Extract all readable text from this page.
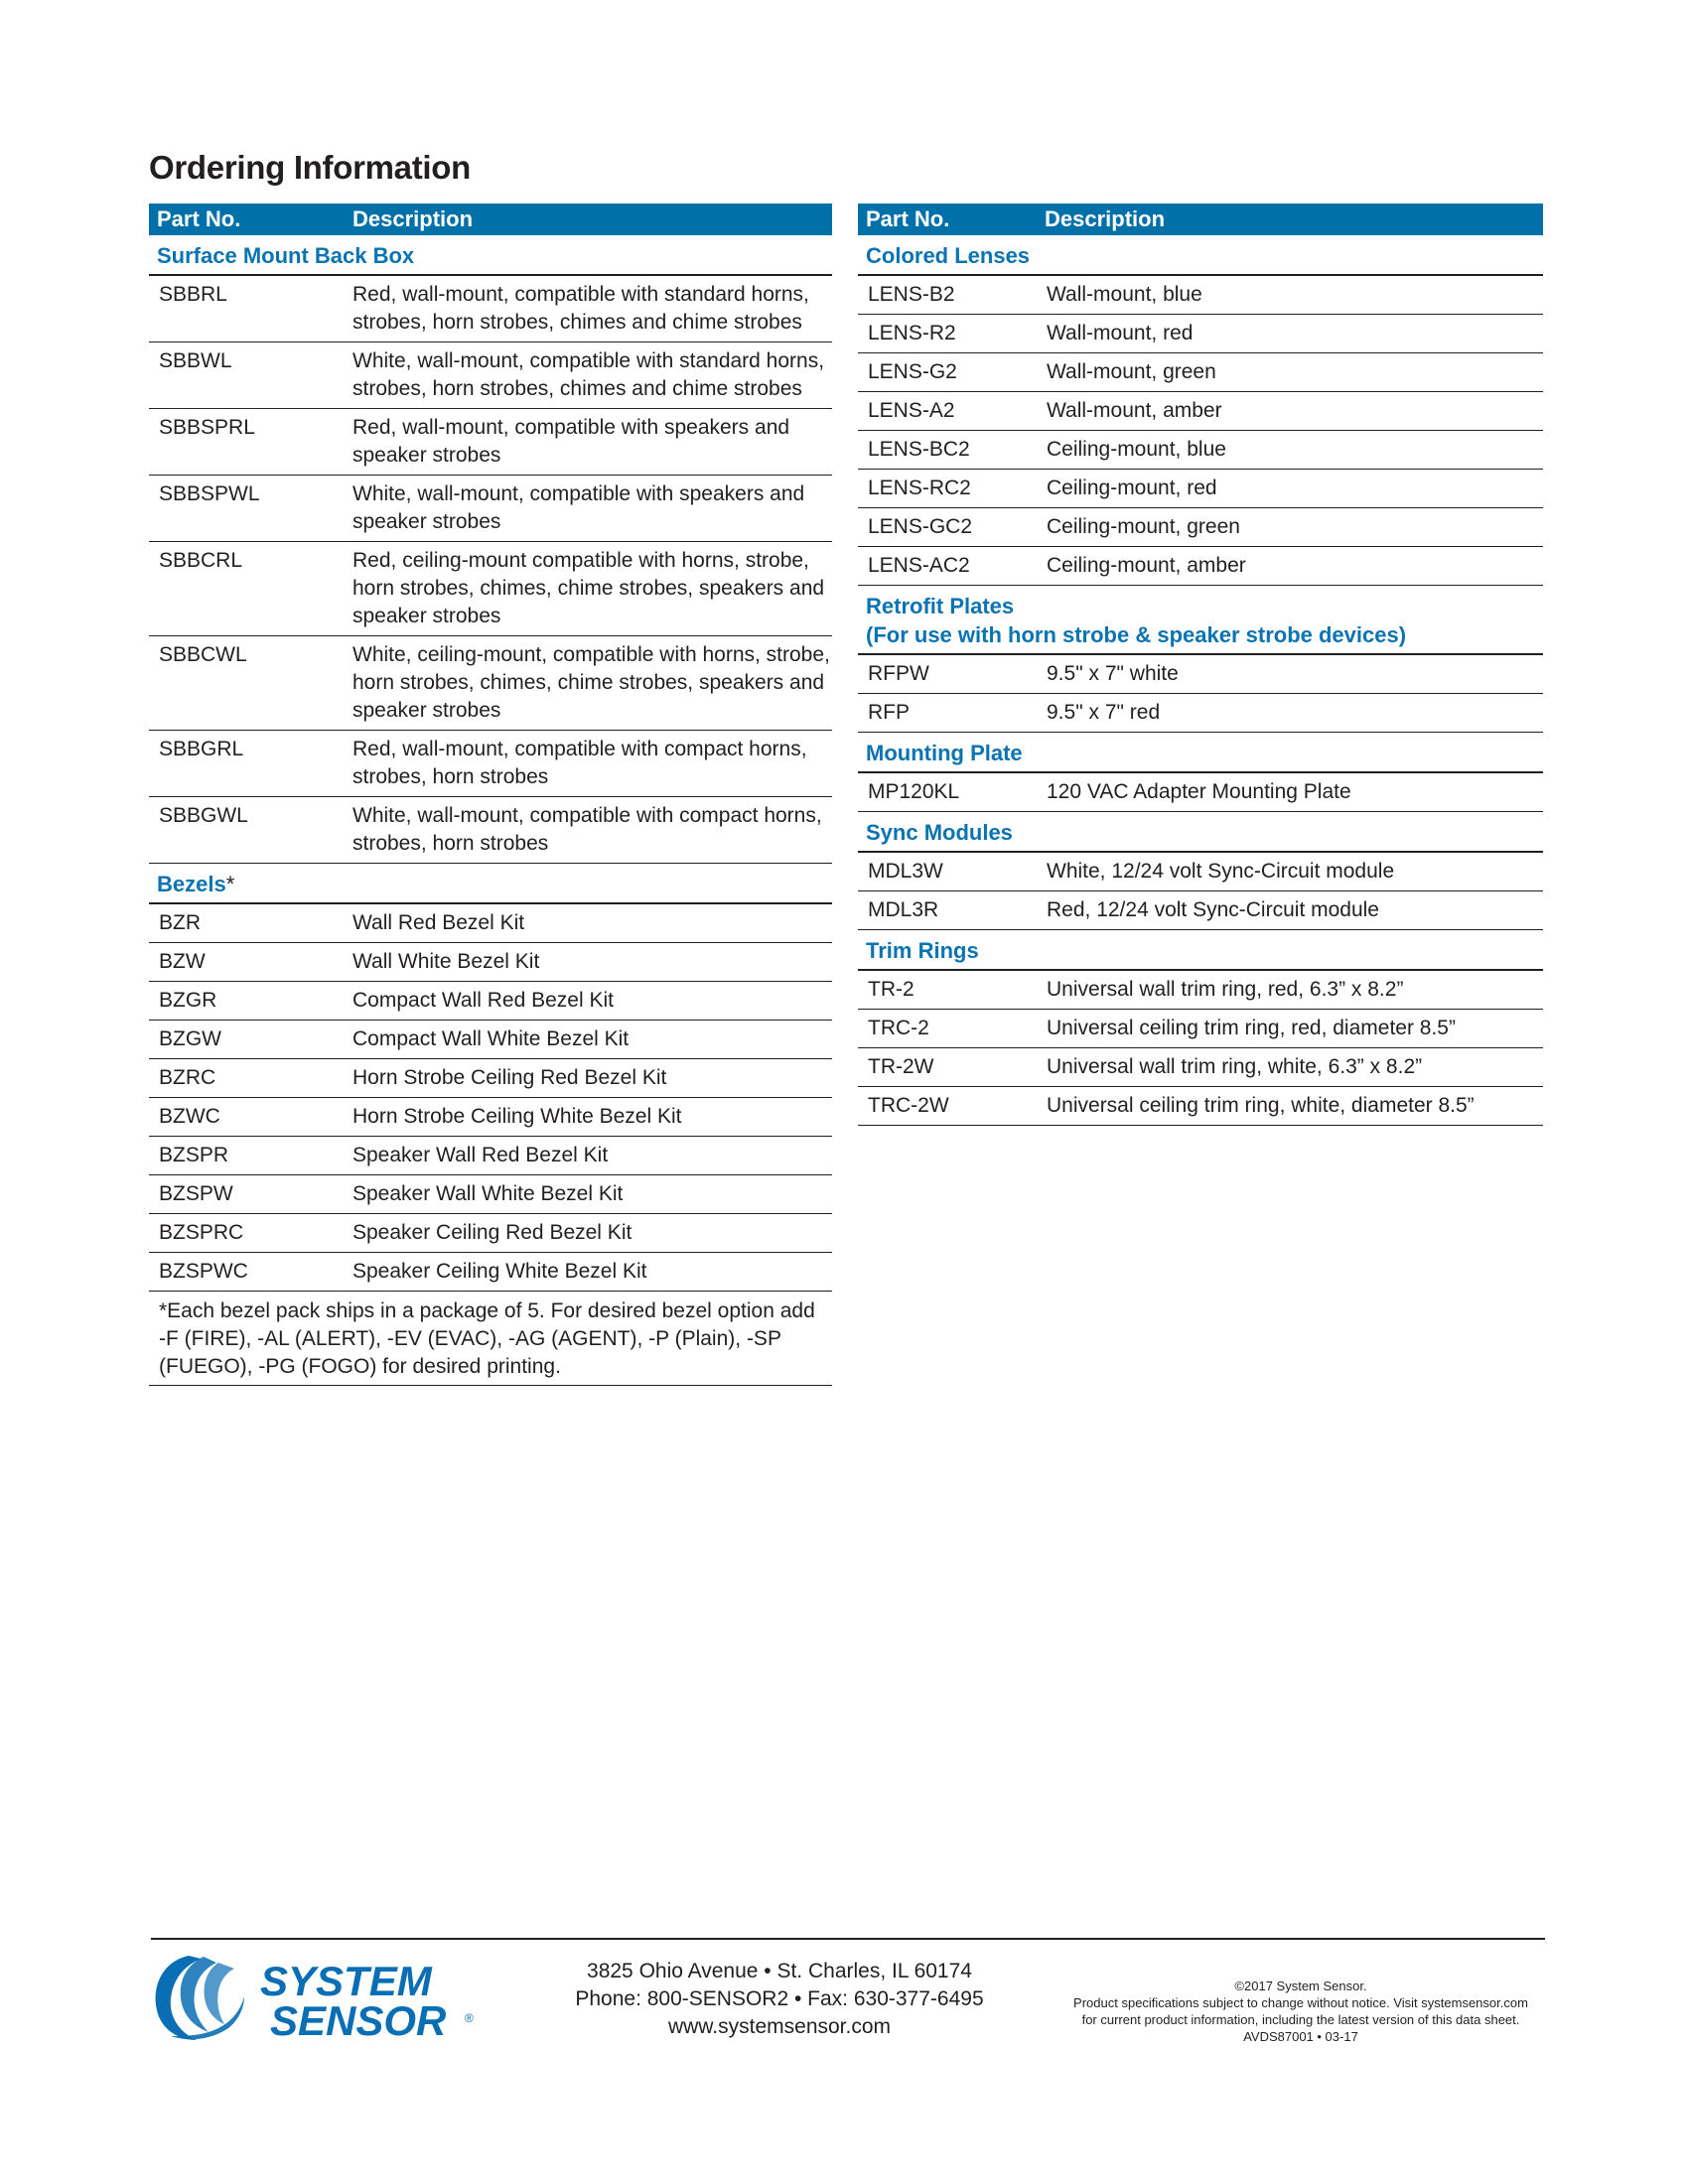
Ordering Information
Part No.	Description
Surface Mount Back Box
SBBRL	Red, wall-mount, compatible with standard horns, strobes, horn strobes, chimes and chime strobes
SBBWL	White, wall-mount, compatible with standard horns, strobes, horn strobes, chimes and chime strobes
SBBSPRL	Red, wall-mount, compatible with speakers and speaker strobes
SBBSPWL	White, wall-mount, compatible with speakers and speaker strobes
SBBCRL	Red, ceiling-mount compatible with horns, strobe, horn strobes, chimes, chime strobes, speakers and speaker strobes
SBBCWL	White, ceiling-mount, compatible with horns, strobe, horn strobes, chimes, chime strobes, speakers and speaker strobes
SBBGRL	Red, wall-mount, compatible with compact horns, strobes, horn strobes
SBBGWL	White, wall-mount, compatible with compact horns, strobes, horn strobes
Bezels*
BZR	Wall Red Bezel Kit
BZW	Wall White Bezel Kit
BZGR	Compact Wall Red Bezel Kit
BZGW	Compact Wall White Bezel Kit
BZRC	Horn Strobe Ceiling Red Bezel Kit
BZWC	Horn Strobe Ceiling White Bezel Kit
BZSPR	Speaker Wall Red Bezel Kit
BZSPW	Speaker Wall White Bezel Kit
BZSPRC	Speaker Ceiling Red Bezel Kit
BZSPWC	Speaker Ceiling White Bezel Kit
*Each bezel pack ships in a package of 5. For desired bezel option add -F (FIRE), -AL (ALERT), -EV (EVAC), -AG (AGENT), -P (Plain), -SP (FUEGO), -PG (FOGO) for desired printing.
Part No.	Description
Colored Lenses
LENS-B2	Wall-mount, blue
LENS-R2	Wall-mount, red
LENS-G2	Wall-mount, green
LENS-A2	Wall-mount, amber
LENS-BC2	Ceiling-mount, blue
LENS-RC2	Ceiling-mount, red
LENS-GC2	Ceiling-mount, green
LENS-AC2	Ceiling-mount, amber
Retrofit Plates
(For use with horn strobe & speaker strobe devices)
RFPW	9.5" x 7" white
RFP	9.5" x 7" red
Mounting Plate
MP120KL	120 VAC Adapter Mounting Plate
Sync Modules
MDL3W	White, 12/24 volt Sync-Circuit module
MDL3R	Red, 12/24 volt Sync-Circuit module
Trim Rings
TR-2	Universal wall trim ring, red, 6.3” x 8.2”
TRC-2	Universal ceiling trim ring, red, diameter 8.5”
TR-2W	Universal wall trim ring, white, 6.3” x 8.2”
TRC-2W	Universal ceiling trim ring, white, diameter 8.5”
SYSTEM
SENSOR ®
3825 Ohio Avenue • St. Charles, IL 60174
Phone: 800-SENSOR2 • Fax: 630-377-6495
www.systemsensor.com
©2017 System Sensor.
Product specifications subject to change without notice. Visit systemsensor.com
for current product information, including the latest version of this data sheet.
AVDS87001 • 03-17
